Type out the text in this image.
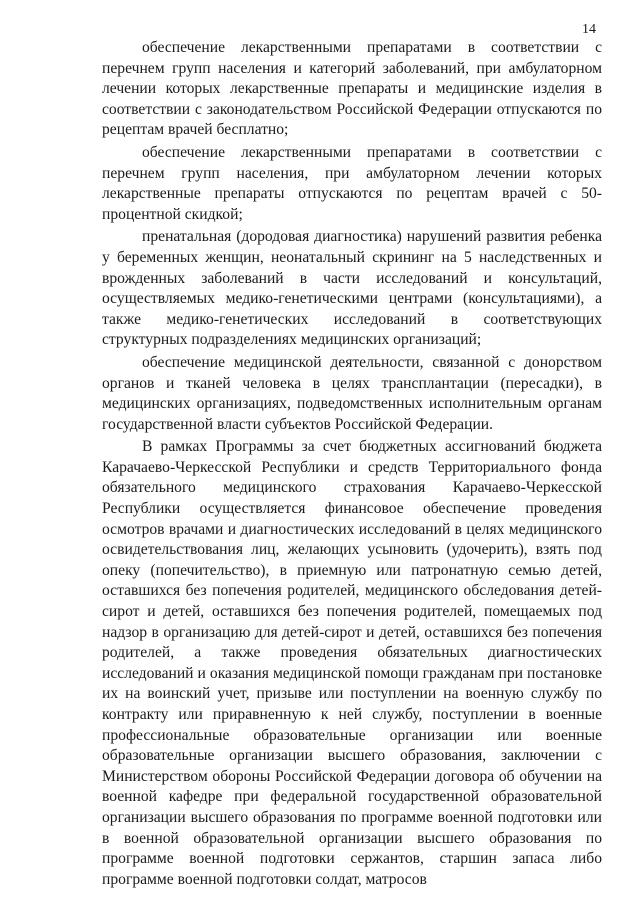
14

обеспечение лекарственными препаратами в соответствии с перечнем групп населения и категорий заболеваний, при амбулаторном лечении которых лекарственные препараты и медицинские изделия в соответствии с законодательством Российской Федерации отпускаются по рецептам врачей бесплатно;

обеспечение лекарственными препаратами в соответствии с перечнем групп населения, при амбулаторном лечении которых лекарственные препараты отпускаются по рецептам врачей с 50-процентной скидкой;

пренатальная (дородовая диагностика) нарушений развития ребенка у беременных женщин, неонатальный скрининг на 5 наследственных и врожденных заболеваний в части исследований и консультаций, осуществляемых медико-генетическими центрами (консультациями), а также медико-генетических исследований в соответствующих структурных подразделениях медицинских организаций;

обеспечение медицинской деятельности, связанной с донорством органов и тканей человека в целях трансплантации (пересадки), в медицинских организациях, подведомственных исполнительным органам государственной власти субъектов Российской Федерации.

В рамках Программы за счет бюджетных ассигнований бюджета Карачаево-Черкесской Республики и средств Территориального фонда обязательного медицинского страхования Карачаево-Черкесской Республики осуществляется финансовое обеспечение проведения осмотров врачами и диагностических исследований в целях медицинского освидетельствования лиц, желающих усыновить (удочерить), взять под опеку (попечительство), в приемную или патронатную семью детей, оставшихся без попечения родителей, медицинского обследования детей-сирот и детей, оставшихся без попечения родителей, помещаемых под надзор в организацию для детей-сирот и детей, оставшихся без попечения родителей, а также проведения обязательных диагностических исследований и оказания медицинской помощи гражданам при постановке их на воинский учет, призыве или поступлении на военную службу по контракту или приравненную к ней службу, поступлении в военные профессиональные образовательные организации или военные образовательные организации высшего образования, заключении с Министерством обороны Российской Федерации договора об обучении на военной кафедре при федеральной государственной образовательной организации высшего образования по программе военной подготовки или в военной образовательной организации высшего образования по программе военной подготовки сержантов, старшин запаса либо программе военной подготовки солдат, матросов
